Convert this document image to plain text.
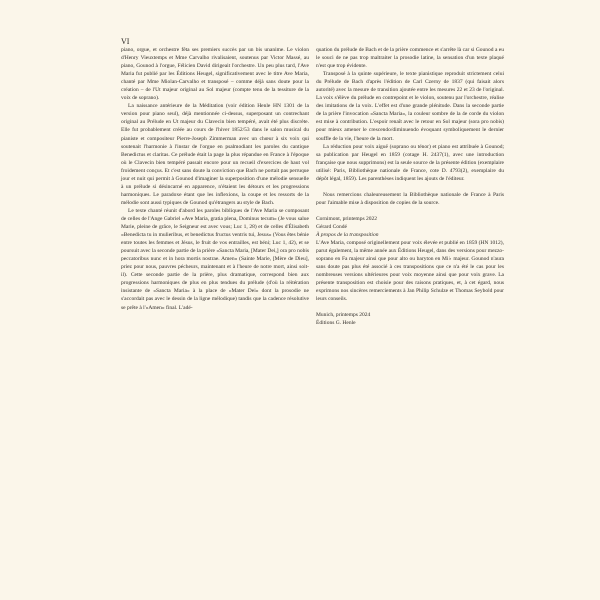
VI

piano, orgue, et orchestre fêta ses premiers succès par un bis unanime. Le violon d'Henry Vieuxtemps et Mme Carvalho rivalisaient, soutenus par Victor Massé, au piano, Gounod à l'orgue, Félicien David dirigeait l'orchestre. Un peu plus tard, l'Ave Maria fut publié par les Éditions Heugel, significativement avec le titre Ave Maria, chanté par Mme Miolan-Carvalho et transposé – comme déjà sans doute pour la création – de l'Ut majeur original au Sol majeur (compte tenu de la tessiture de la voix de soprano).

La naissance antérieure de la Méditation (voir édition Henle HN 1301 de la version pour piano seul), déjà mentionnée ci-dessus, superposant un contrechant original au Prélude en Ut majeur du Clavecin bien tempéré, avait été plus discrète. Elle fut probablement créée au cours de l'hiver 1852/53 dans le salon musical du pianiste et compositeur Pierre-Joseph Zimmerman avec un chœur à six voix qui soutenait l'harmonie à l'instar de l'orgue en psalmodiant les paroles du cantique Benedictus et claritas. Ce prélude était la page la plus répandue en France à l'époque où le Clavecin bien tempéré passait encore pour un recueil d'exercices de haut vol froidement conçus. Et c'est sans doute la conviction que Bach ne portait pas perruque jour et nuit qui permit à Gounod d'imaginer la superposition d'une mélodie sensuelle à un prélude si désincarné en apparence, n'étaient les détours et les progressions harmoniques. Le paradoxe étant que les inflexions, la coupe et les ressorts de la mélodie sont aussi typiques de Gounod qu'étrangers au style de Bach.

Le texte chanté réunit d'abord les paroles bibliques de l'Ave Maria se composant de celles de l'Ange Gabriel «Ave Maria, gratia plena, Dominus tecum» (Je vous salue Marie, pleine de grâce, le Seigneur est avec vous; Luc 1, 28) et de celles d'Élisabeth «Benedicta tu in mulieribus, et benedictus fructus ventris tui, Jesus» (Vous êtes bénie entre toutes les femmes et Jésus, le fruit de vos entrailles, est béni; Luc 1, 42), et se poursuit avec la seconde partie de la prière «Sancta Maria, [Mater Dei,] ora pro nobis peccatoribus nunc et in hora mortis nostrae. Amen» (Sainte Marie, [Mère de Dieu], priez pour nous, pauvres pécheurs, maintenant et à l'heure de notre mort, ainsi soit-il). Cette seconde partie de la prière, plus dramatique, correspond bien aux progressions harmoniques de plus en plus tendues du prélude (d'où la réitération insistante de «Sancta Maria» à la place de «Mater Dei» dont la prosodie ne s'accordait pas avec le dessin de la ligne mélodique) tandis que la cadence résolutive se prête à l'«Amen» final. L'adé-

quation du prélude de Bach et de la prière commence et s'arrête là car si Gounod a eu le souci de ne pas trop maltraiter la prosodie latine, la sensation d'un texte plaqué n'est que trop évidente.

Transposé à la quinte supérieure, le texte pianistique reproduit strictement celui du Prélude de Bach d'après l'édition de Carl Czerny de 1837 (qui faisait alors autorité) avec la mesure de transition ajoutée entre les mesures 22 et 23 de l'original. La voix s'élève du prélude en contrepoint et le violon, soutenu par l'orchestre, réalise des imitations de la voix. L'effet est d'une grande plénitude. Dans la seconde partie de la prière l'invocation «Sancta Maria», la couleur sombre de la 4e corde du violon est mise à contribution. L'espoir renaît avec le retour en Sol majeur (sora pro nobis) pour mieux amener le crescendo/diminuendo évoquant symboliquement le dernier souffle de la vie, l'heure de la mort.

La réduction pour voix aiguë (soprano ou ténor) et piano est attribuée à Gounod; sa publication par Heugel en 1859 (cotage H. 2437(1), avec une introduction française que nous supprimons) est la seule source de la présente édition (exemplaire utilisé: Paris, Bibliothèque nationale de France, cote D. 4793(2), exemplaire du dépôt légal, 1859). Les parenthèses indiquent les ajouts de l'éditeur.

Nous remercions chaleureusement la Bibliothèque nationale de France à Paris pour l'aimable mise à disposition de copies de la source.

Cornimont, printemps 2022

Gérard Condé

À propos de la transposition

L'Ave Maria, composé originellement pour voix élevée et publié en 1859 (HN 1012), parut également, la même année aux Éditions Heugel, dans des versions pour mezzo-soprano en Fa majeur ainsi que pour alto ou baryton en Mi♭ majeur. Gounod n'aura sans doute pas plus été associé à ces transpositions que ce n'a été le cas pour les nombreuses versions ultérieures pour voix moyenne ainsi que pour voix grave. La présente transposition est choisie pour des raisons pratiques, et, à cet égard, nous exprimons nos sincères remerciements à Jan Philip Schulze et Thomas Seybold pour leurs conseils.

Munich, printemps 2024

Éditions G. Henle
